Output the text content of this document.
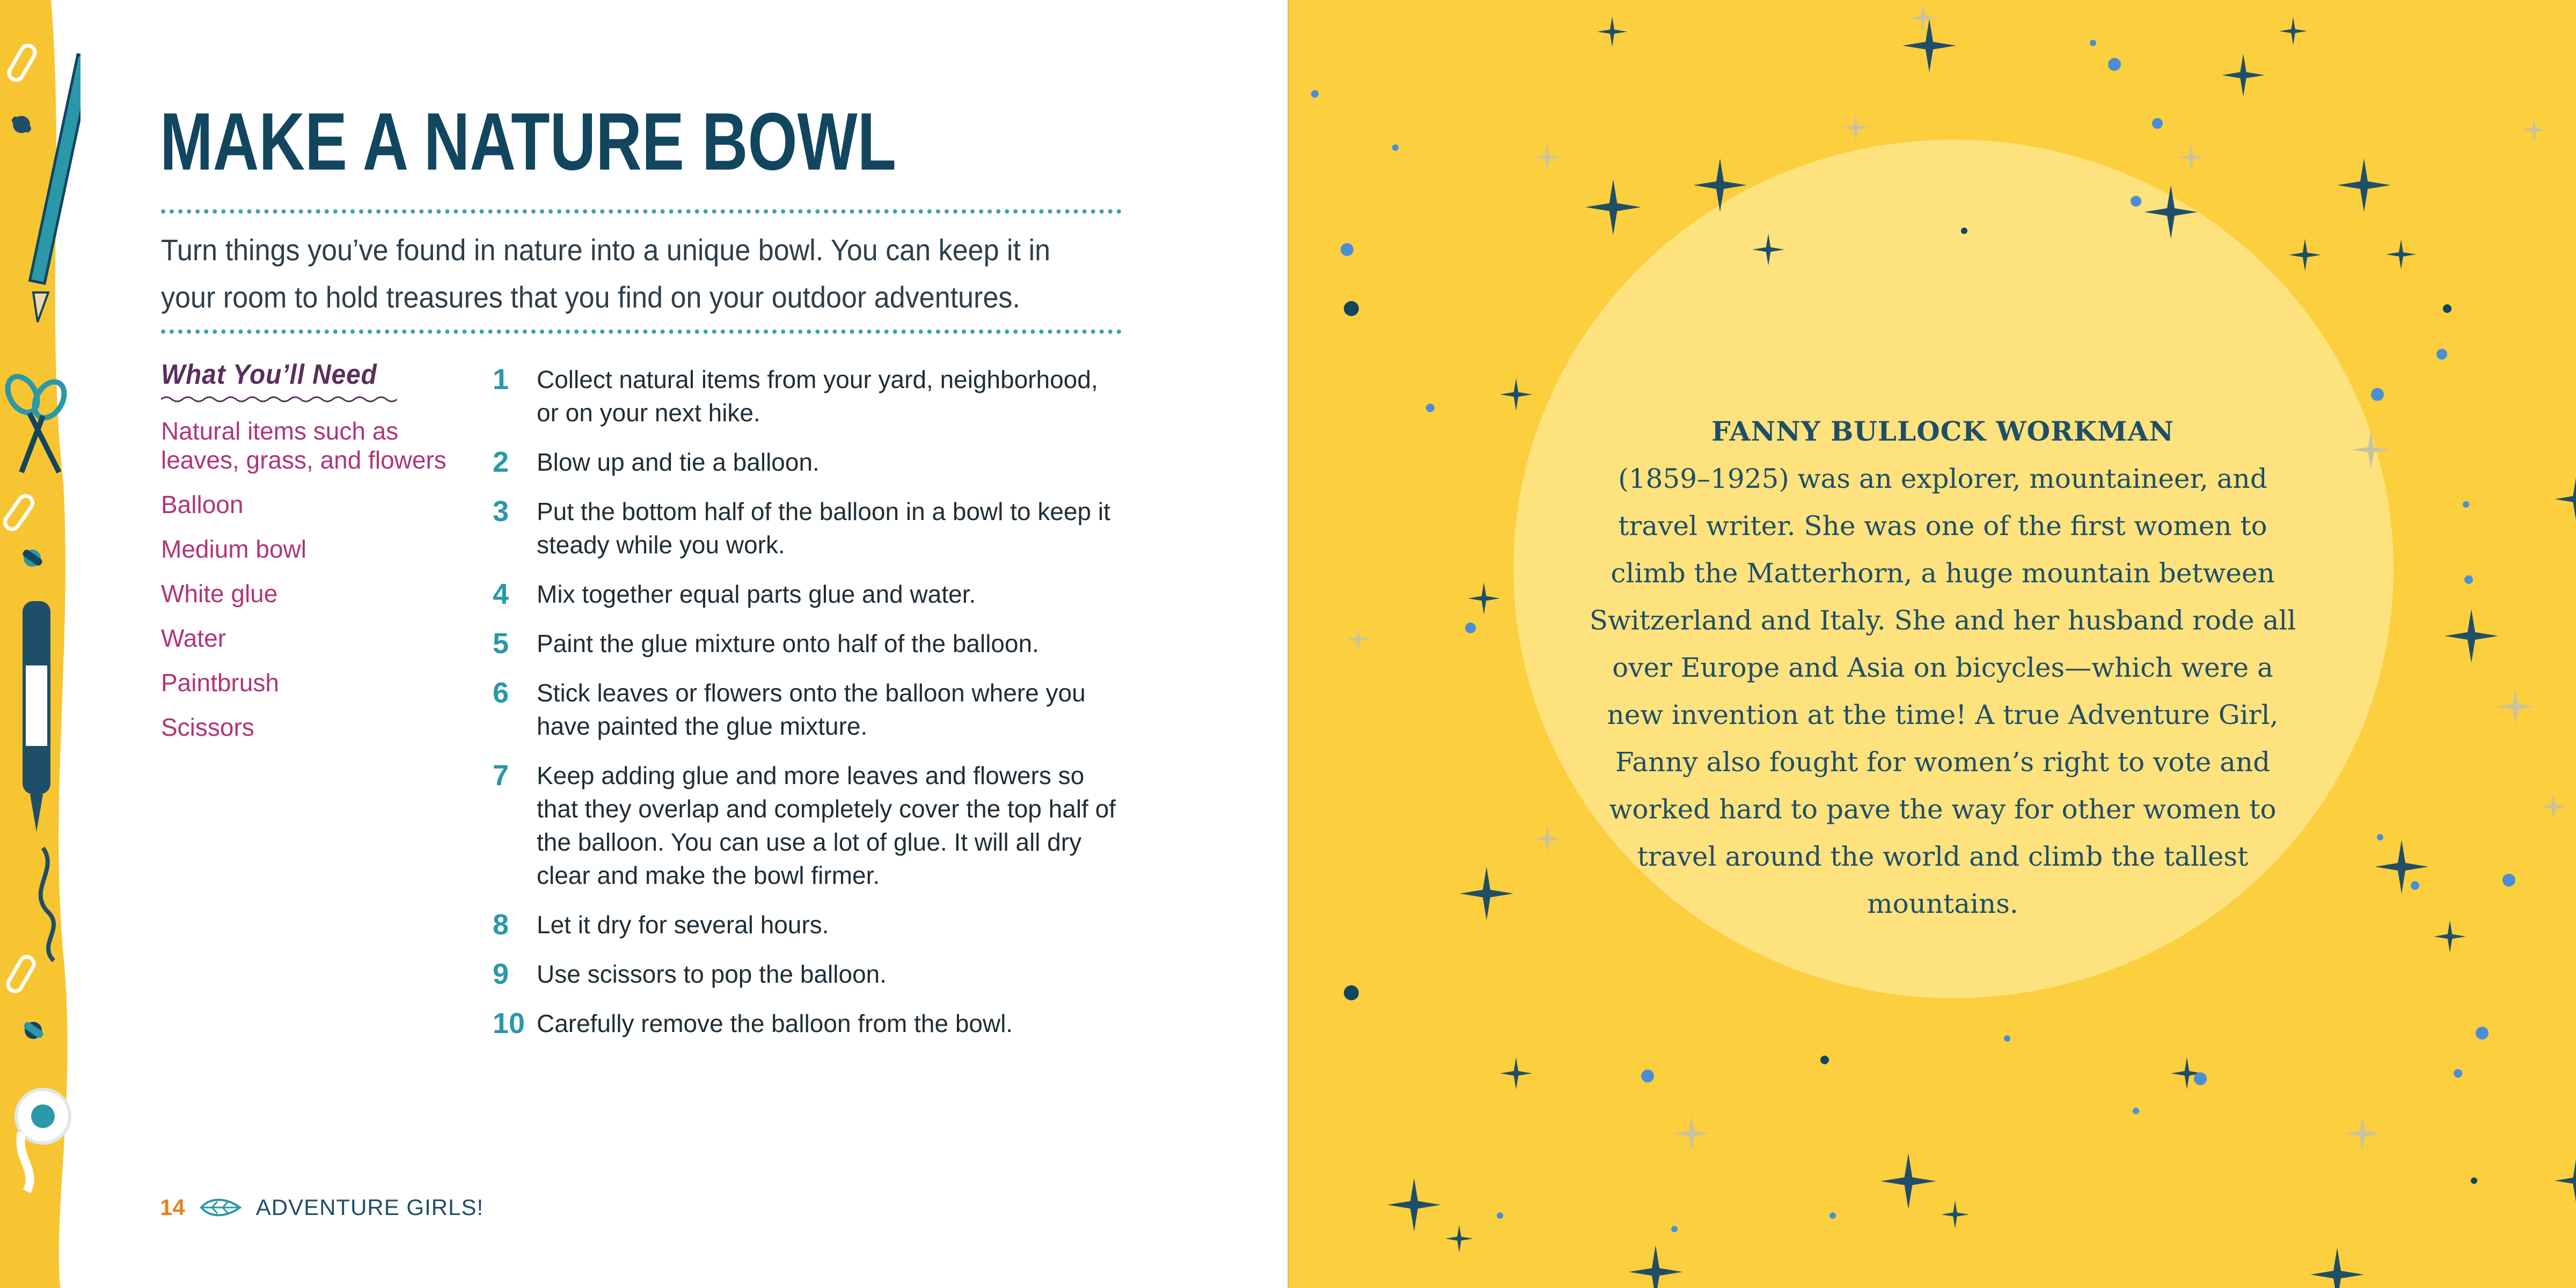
MAKE A NATURE BOWL

Turn things you’ve found in nature into a unique bowl. You can keep it in your room to hold treasures that you find on your outdoor adventures.

What You’ll Need
Natural items such as leaves, grass, and flowers
Balloon
Medium bowl
White glue
Water
Paintbrush
Scissors
1 Collect natural items from your yard, neighborhood, or on your next hike.
2 Blow up and tie a balloon.
3 Put the bottom half of the balloon in a bowl to keep it steady while you work.
4 Mix together equal parts glue and water.
5 Paint the glue mixture onto half of the balloon.
6 Stick leaves or flowers onto the balloon where you have painted the glue mixture.
7 Keep adding glue and more leaves and flowers so that they overlap and completely cover the top half of the balloon. You can use a lot of glue. It will all dry clear and make the bowl firmer.
8 Let it dry for several hours.
9 Use scissors to pop the balloon.
10 Carefully remove the balloon from the bowl.
14	ADVENTURE GIRLS!

FANNY BULLOCK WORKMAN
(1859–1925) was an explorer, mountaineer, and travel writer. She was one of the first women to climb the Matterhorn, a huge mountain between Switzerland and Italy. She and her husband rode all over Europe and Asia on bicycles—which were a new invention at the time! A true Adventure Girl, Fanny also fought for women’s right to vote and worked hard to pave the way for other women to travel around the world and climb the tallest mountains.
